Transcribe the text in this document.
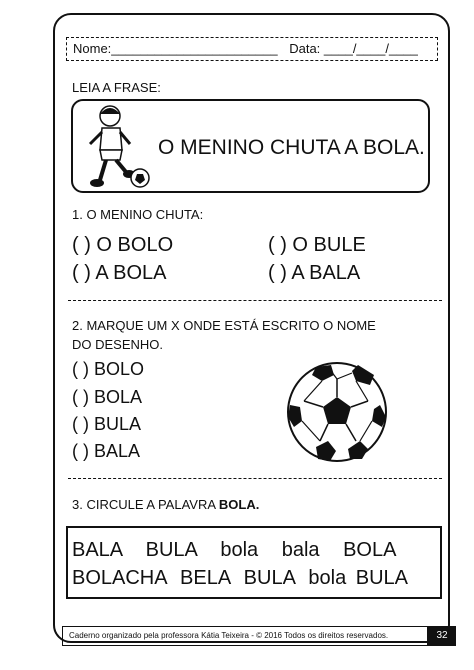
Nome:_______________________ Data: ____/____/____
LEIA A FRASE:
O MENINO CHUTA A BOLA.
1. O MENINO CHUTA:
( ) O BOLO	( ) O BULE
( ) A BOLA	( ) A BALA
2. MARQUE UM X ONDE ESTÁ ESCRITO O NOME
DO DESENHO.
( ) BOLO
( ) BOLA
( ) BULA
( ) BALA
3. CIRCULE A PALAVRA BOLA.
BALA BULA bola bala BOLA
BOLACHA BELA BULA bola BULA
Caderno organizado pela professora Kátia Teixeira - © 2016 Todos os direitos reservados.	32
